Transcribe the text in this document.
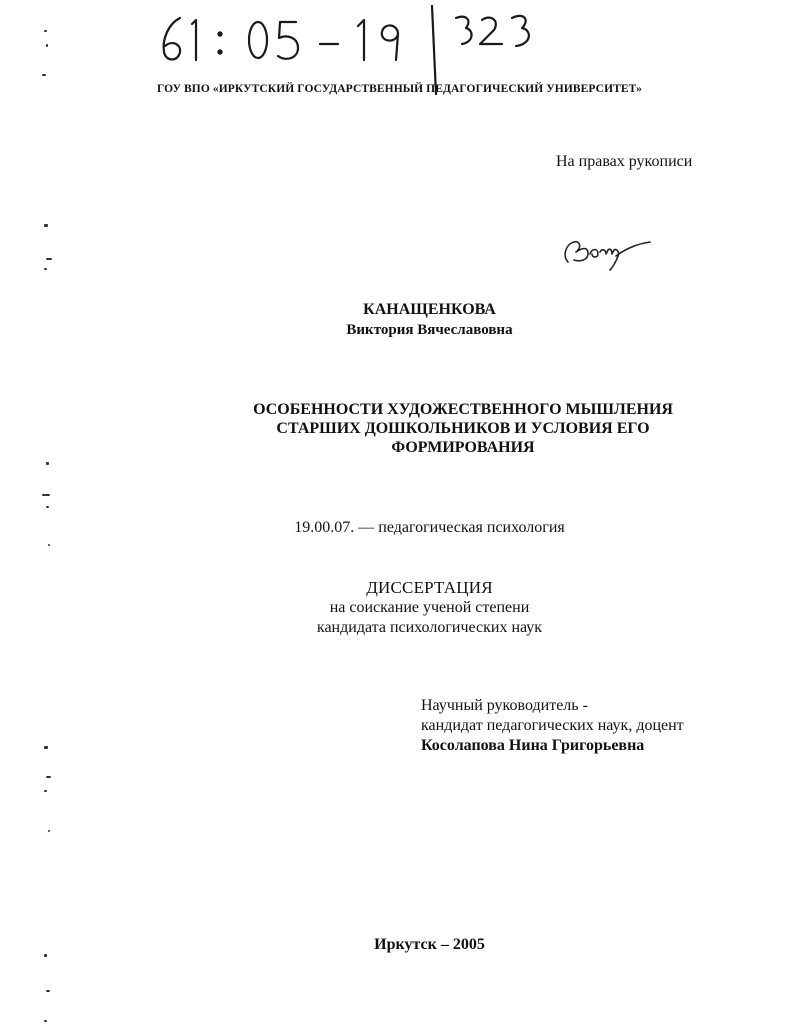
ГОУ ВПО «ИРКУТСКИЙ ГОСУДАРСТВЕННЫЙ ПЕДАГОГИЧЕСКИЙ УНИВЕРСИТЕТ»
На правах рукописи
КАНАЩЕНКОВА
Виктория Вячеславовна
ОСОБЕННОСТИ ХУДОЖЕСТВЕННОГО МЫШЛЕНИЯ
СТАРШИХ ДОШКОЛЬНИКОВ И УСЛОВИЯ ЕГО
ФОРМИРОВАНИЯ
19.00.07. — педагогическая психология
ДИССЕРТАЦИЯ
на соискание ученой степени
кандидата психологических наук
Научный руководитель -
кандидат педагогических наук, доцент
Косолапова Нина Григорьевна
Иркутск – 2005
